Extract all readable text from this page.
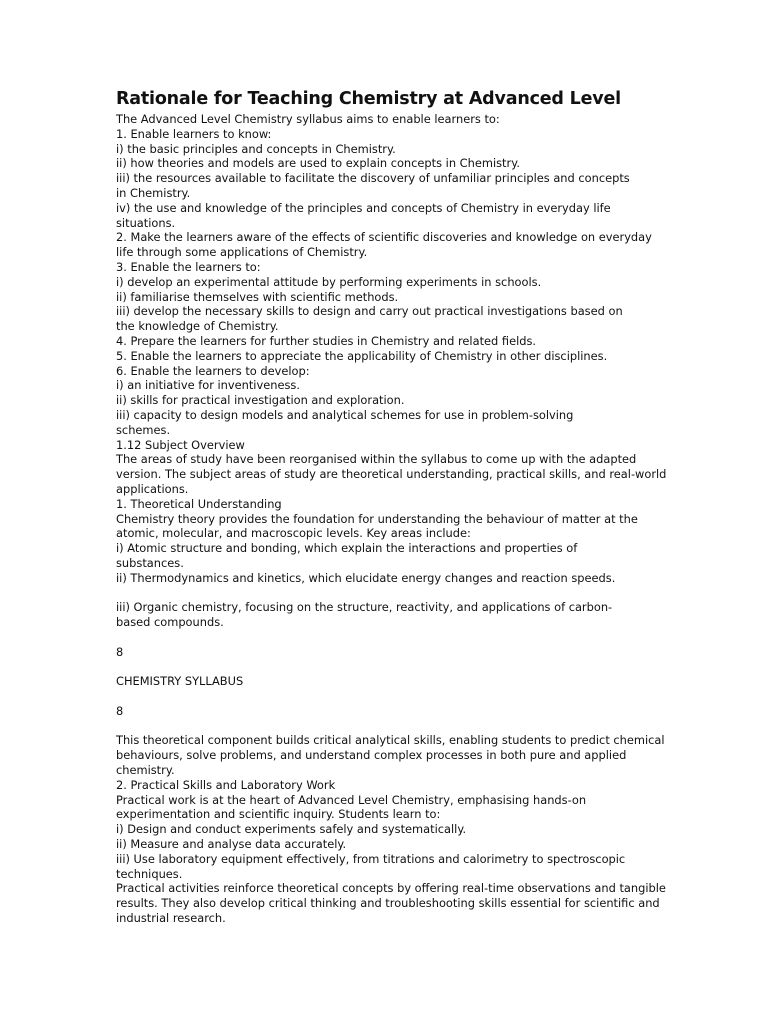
Rationale for Teaching Chemistry at Advanced Level
The Advanced Level Chemistry syllabus aims to enable learners to:
1. Enable learners to know:
i) the basic principles and concepts in Chemistry.
ii) how theories and models are used to explain concepts in Chemistry.
iii) the resources available to facilitate the discovery of unfamiliar principles and concepts
in Chemistry.
iv) the use and knowledge of the principles and concepts of Chemistry in everyday life
situations.
2. Make the learners aware of the effects of scientific discoveries and knowledge on everyday
life through some applications of Chemistry.
3. Enable the learners to:
i) develop an experimental attitude by performing experiments in schools.
ii) familiarise themselves with scientific methods.
iii) develop the necessary skills to design and carry out practical investigations based on
the knowledge of Chemistry.
4. Prepare the learners for further studies in Chemistry and related fields.
5. Enable the learners to appreciate the applicability of Chemistry in other disciplines.
6. Enable the learners to develop:
i) an initiative for inventiveness.
ii) skills for practical investigation and exploration.
iii) capacity to design models and analytical schemes for use in problem-solving
schemes.
1.12 Subject Overview
The areas of study have been reorganised within the syllabus to come up with the adapted
version. The subject areas of study are theoretical understanding, practical skills, and real-world
applications.
1. Theoretical Understanding
Chemistry theory provides the foundation for understanding the behaviour of matter at the
atomic, molecular, and macroscopic levels. Key areas include:
i) Atomic structure and bonding, which explain the interactions and properties of
substances.
ii) Thermodynamics and kinetics, which elucidate energy changes and reaction speeds.
iii) Organic chemistry, focusing on the structure, reactivity, and applications of carbon-
based compounds.
8
CHEMISTRY SYLLABUS
8
This theoretical component builds critical analytical skills, enabling students to predict chemical
behaviours, solve problems, and understand complex processes in both pure and applied
chemistry.
2. Practical Skills and Laboratory Work
Practical work is at the heart of Advanced Level Chemistry, emphasising hands-on
experimentation and scientific inquiry. Students learn to:
i) Design and conduct experiments safely and systematically.
ii) Measure and analyse data accurately.
iii) Use laboratory equipment effectively, from titrations and calorimetry to spectroscopic
techniques.
Practical activities reinforce theoretical concepts by offering real-time observations and tangible
results. They also develop critical thinking and troubleshooting skills essential for scientific and
industrial research.
